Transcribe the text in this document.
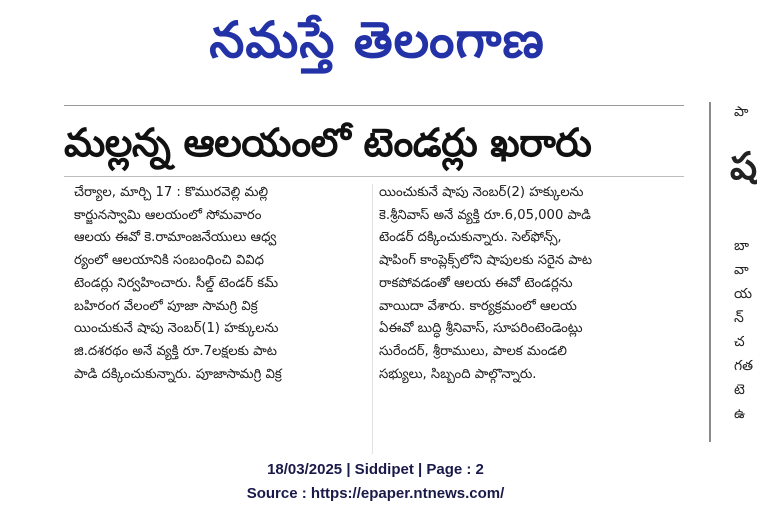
నమస్తే తెలంగాణ
మల్లన్న ఆలయంలో టెండర్లు ఖరారు
చేర్యాల, మార్చి 17 : కొమురవెల్లి మల్లి
కార్జునస్వామి ఆలయంలో సోమవారం
ఆలయ ఈవో కె.రామాంజనేయులు ఆధ్వ
ర్యంలో ఆలయానికి సంబంధించి వివిధ
టెండర్లు నిర్వహించారు. సీల్డ్ టెండర్ కమ్
బహిరంగ వేలంలో పూజా సామగ్రి విక్ర
యించుకునే షాపు నెంబర్(1) హక్కులను
జి.దశరథం అనే వ్యక్తి రూ.7లక్షలకు పాట
పాడి దక్కించుకున్నారు. పూజాసామగ్రి విక్ర
యించుకునే షాపు నెంబర్(2) హక్కులను
కె.శ్రీనివాస్ అనే వ్యక్తి రూ.6,05,000 పాడి
టెండర్ దక్కించుకున్నారు. సెల్‌ఫోన్స్,
షాపింగ్ కాంప్లెక్స్‌లోని షాపులకు సరైన పాట
రాకపోవడంతో ఆలయ ఈవో టెండర్లను
వాయిదా వేశారు. కార్యక్రమంలో ఆలయ
ఏఈవో బుద్ధి శ్రీనివాస్, సూపరింటెండెంట్లు
సురేందర్, శ్రీరాములు, పాలక మండలి
సభ్యులు, సిబ్బంది పాల్గొన్నారు.
పా
ష
బా
వా
య
న్
చ
గత
టె
ఉ
18/03/2025 | Siddipet | Page : 2
Source : https://epaper.ntnews.com/
